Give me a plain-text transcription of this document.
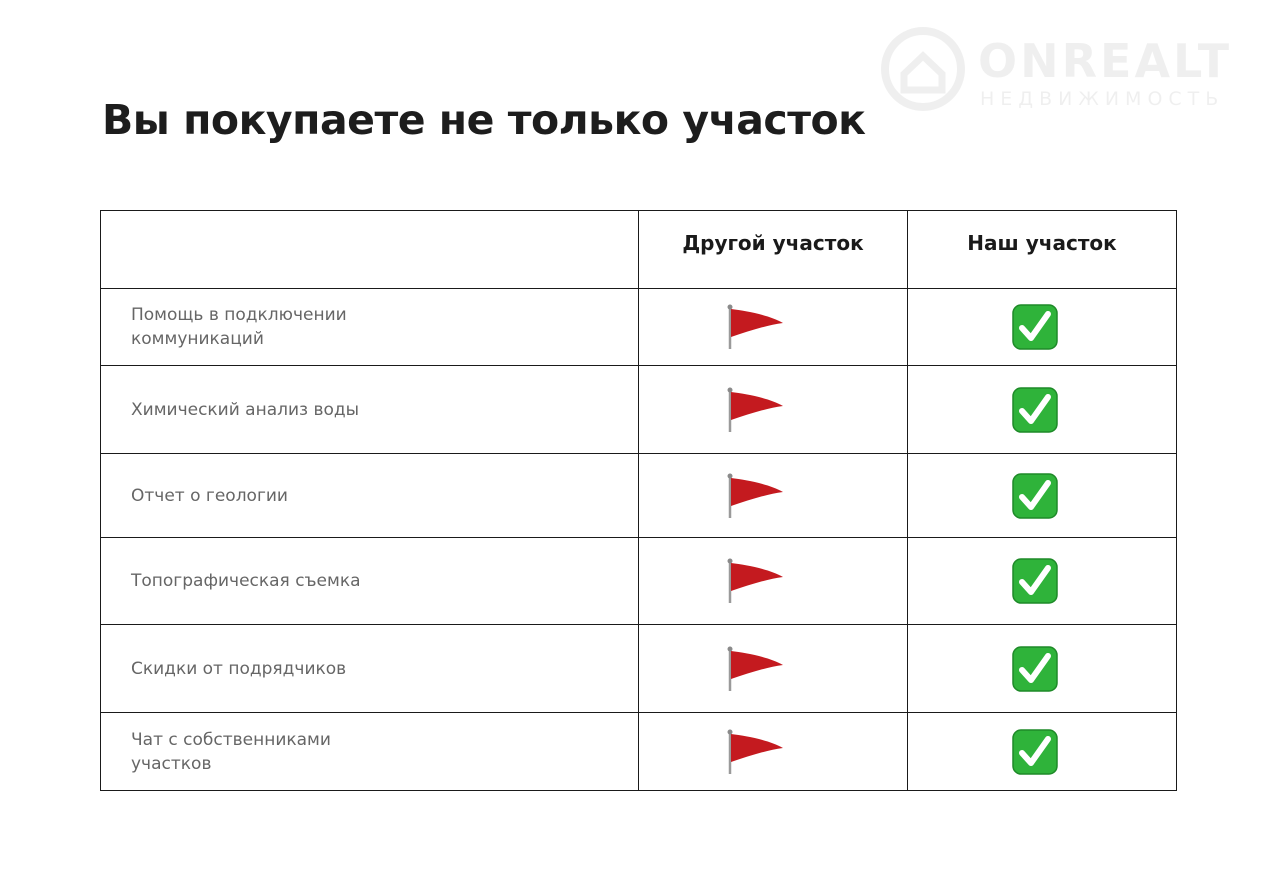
ONREALT
НЕДВИЖИМОСТЬ
Вы покупаете не только участок
	Другой участок	Наш участок

Помощь в подключении коммуникаций

Химический анализ воды

Отчет о геологии

Топографическая съемка

Скидки от подрядчиков

Чат с собственниками участков
